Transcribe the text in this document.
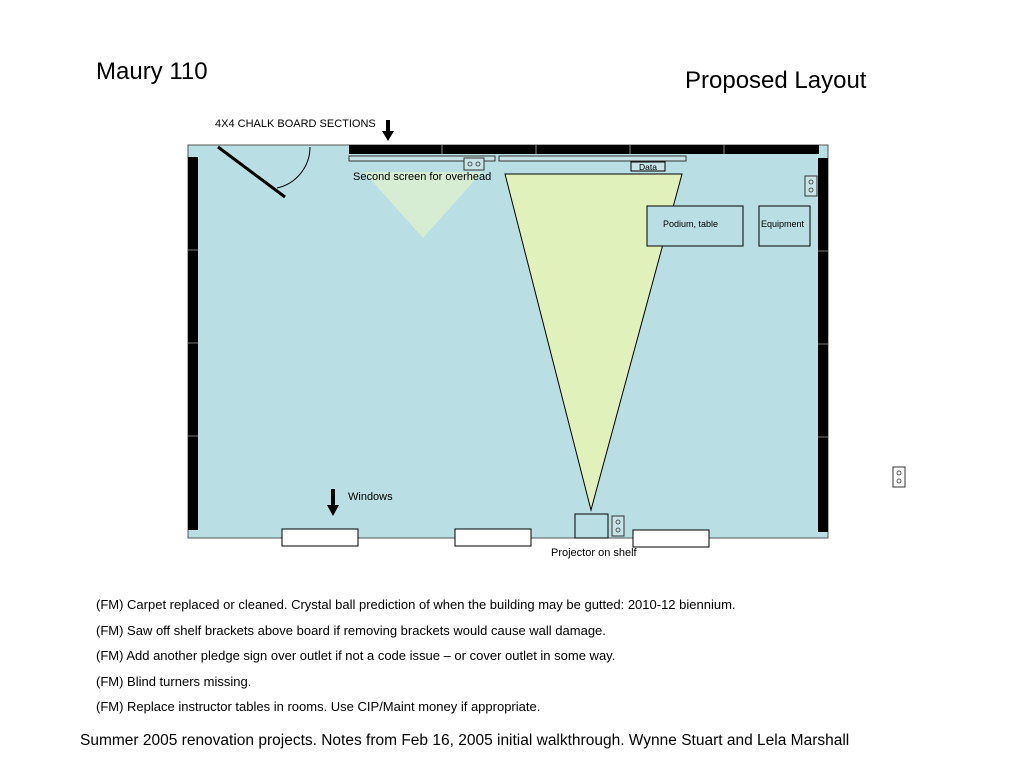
Maury 110	Proposed Layout
4X4 CHALK BOARD SECTIONS
Data
Second screen for overhead
Podium, table	Equipment
Windows
Projector on shelf
(FM) Carpet replaced or cleaned. Crystal ball prediction of when the building may be gutted: 2010-12 biennium.
(FM) Saw off shelf brackets above board if removing brackets would cause wall damage.
(FM) Add another pledge sign over outlet if not a code issue – or cover outlet in some way.
(FM) Blind turners missing.
(FM) Replace instructor tables in rooms. Use CIP/Maint money if appropriate.
Summer 2005 renovation projects. Notes from Feb 16, 2005 initial walkthrough. Wynne Stuart and Lela Marshall
